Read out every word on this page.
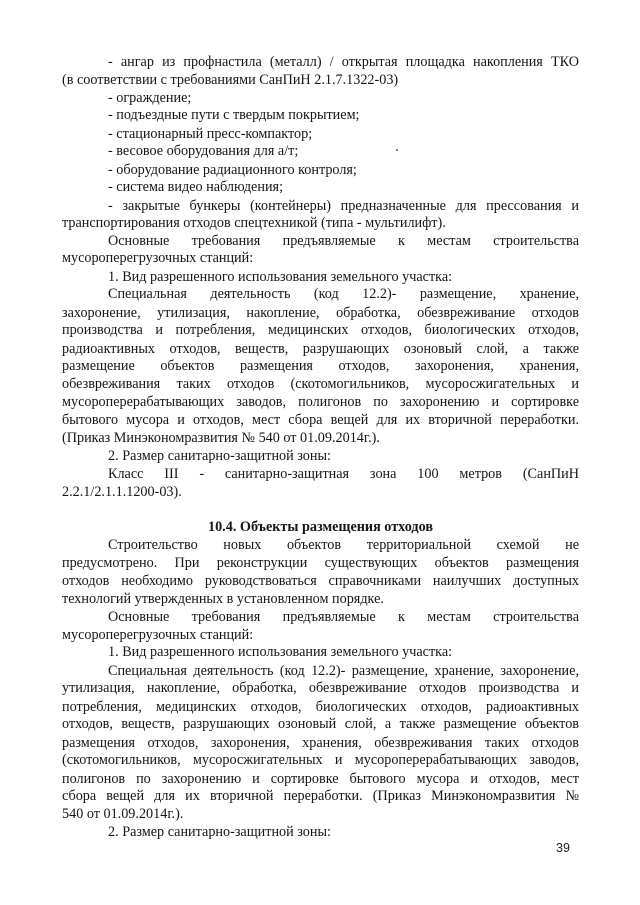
- ангар из профнастила (металл) / открытая площадка накопления ТКО
(в соответствии с требованиями СанПиН 2.1.7.1322-03)
- ограждение;
- подъездные пути с твердым покрытием;
- стационарный пресс-компактор;
- весовое оборудования для а/т;
- оборудование радиационного контроля;
- система видео наблюдения;
- закрытые бункеры (контейнеры) предназначенные для прессования и
транспортирования отходов спецтехникой (типа - мультилифт).
Основные требования предъявляемые к местам строительства
мусороперегрузочных станций:
1. Вид разрешенного использования земельного участка:
Специальная деятельность (код 12.2)- размещение, хранение,
захоронение, утилизация, накопление, обработка, обезвреживание отходов
производства и потребления, медицинских отходов, биологических отходов,
радиоактивных отходов, веществ, разрушающих озоновый слой, а также
размещение объектов размещения отходов, захоронения, хранения,
обезвреживания таких отходов (скотомогильников, мусоросжигательных и
мусороперерабатывающих заводов, полигонов по захоронению и сортировке
бытового мусора и отходов, мест сбора вещей для их вторичной переработки.
(Приказ Минэкономразвития № 540 от 01.09.2014г.).
2. Размер санитарно-защитной зоны:
Класс III - санитарно-защитная зона 100 метров (СанПиН
2.2.1/2.1.1.1200-03).
10.4. Объекты размещения отходов
Строительство новых объектов территориальной схемой не
предусмотрено. При реконструкции существующих объектов размещения
отходов необходимо руководствоваться справочниками наилучших доступных
технологий утвержденных в установленном порядке.
Основные требования предъявляемые к местам строительства
мусороперегрузочных станций:
1. Вид разрешенного использования земельного участка:
Специальная деятельность (код 12.2)- размещение, хранение, захоронение,
утилизация, накопление, обработка, обезвреживание отходов производства и
потребления, медицинских отходов, биологических отходов, радиоактивных
отходов, веществ, разрушающих озоновый слой, а также размещение объектов
размещения отходов, захоронения, хранения, обезвреживания таких отходов
(скотомогильников, мусоросжигательных и мусороперерабатывающих заводов,
полигонов по захоронению и сортировке бытового мусора и отходов, мест
сбора вещей для их вторичной переработки. (Приказ Минэкономразвития №
540 от 01.09.2014г.).
2. Размер санитарно-защитной зоны:
39
